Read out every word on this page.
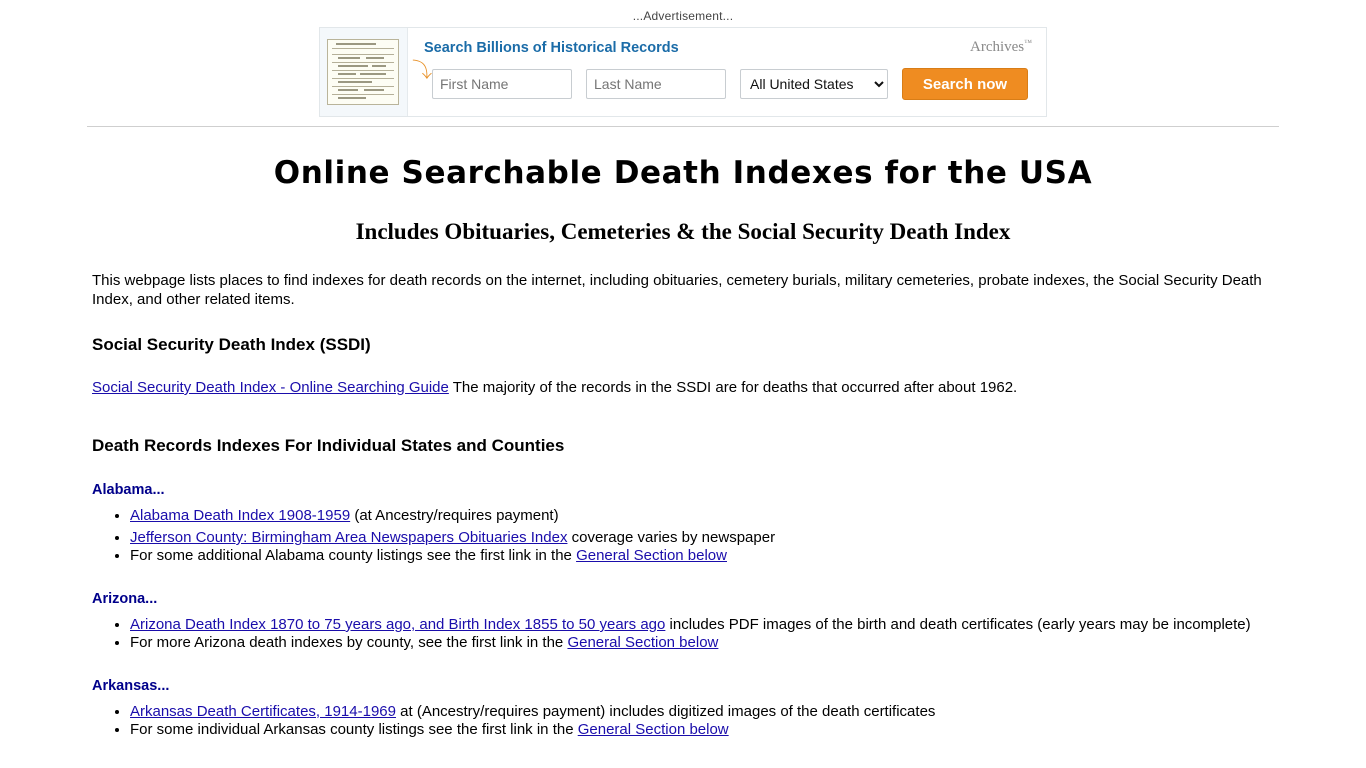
...Advertisement...
Search Billions of Historical Records	Archives™
⤵
First Name
Last Name
All United States
Search now
Online Searchable Death Indexes for the USA
Includes Obituaries, Cemeteries & the Social Security Death Index

This webpage lists places to find indexes for death records on the internet, including obituaries, cemetery burials, military cemeteries, probate indexes, the Social Security Death Index, and other related items.

Social Security Death Index (SSDI)

Social Security Death Index - Online Searching Guide The majority of the records in the SSDI are for deaths that occurred after about 1962.

Death Records Indexes For Individual States and Counties
Alabama...
• Alabama Death Index 1908-1959 (at Ancestry/requires payment)
• Jefferson County: Birmingham Area Newspapers Obituaries Index coverage varies by newspaper
• For some additional Alabama county listings see the first link in the General Section below
Arizona...
• Arizona Death Index 1870 to 75 years ago, and Birth Index 1855 to 50 years ago includes PDF images of the birth and death certificates (early years may be incomplete)
• For more Arizona death indexes by county, see the first link in the General Section below
Arkansas...
• Arkansas Death Certificates, 1914-1969 at (Ancestry/requires payment) includes digitized images of the death certificates
• For some individual Arkansas county listings see the first link in the General Section below
